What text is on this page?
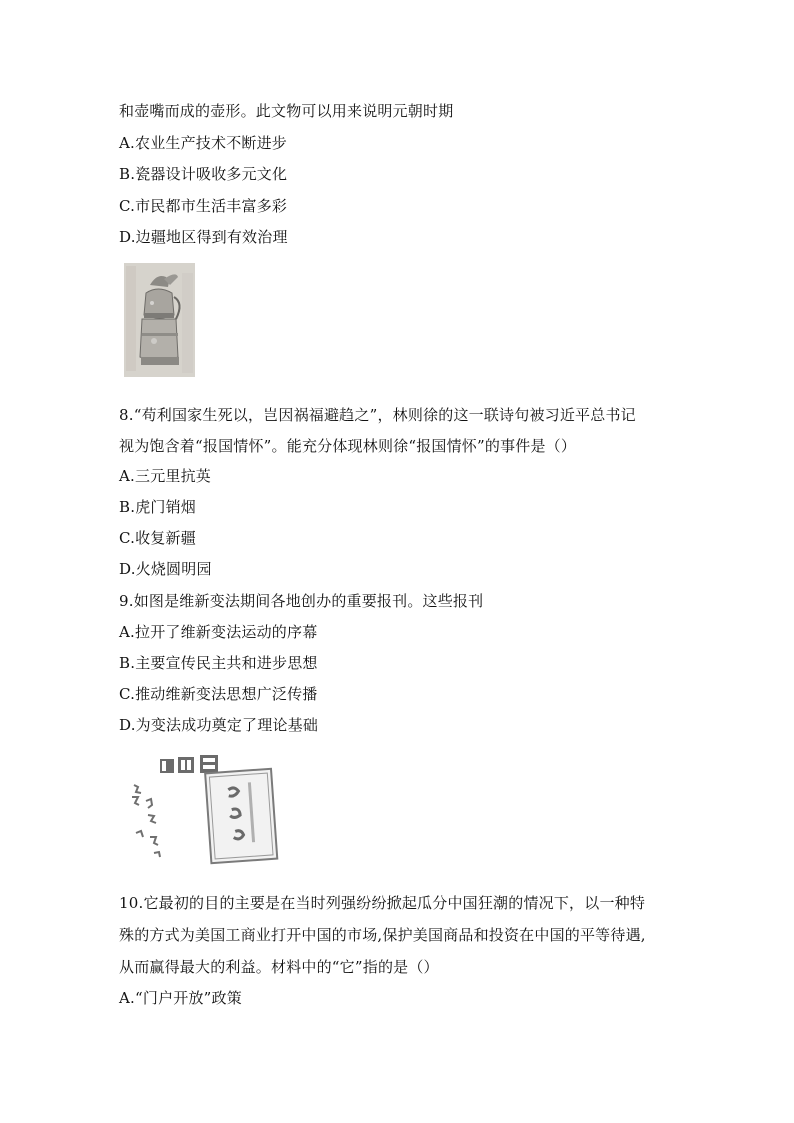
和壶嘴而成的壶形。此文物可以用来说明元朝时期
A.农业生产技术不断进步
B.瓷器设计吸收多元文化
C.市民都市生活丰富多彩
D.边疆地区得到有效治理
8.“苟利国家生死以，岂因祸福避趋之”，林则徐的这一联诗句被习近平总书记
视为饱含着“报国情怀”。能充分体现林则徐“报国情怀”的事件是（）
A.三元里抗英
B.虎门销烟
C.收复新疆
D.火烧圆明园
9.如图是维新变法期间各地创办的重要报刊。这些报刊
A.拉开了维新变法运动的序幕
B.主要宣传民主共和进步思想
C.推动维新变法思想广泛传播
D.为变法成功奠定了理论基础
10.它最初的目的主要是在当时列强纷纷掀起瓜分中国狂潮的情况下，以一种特
殊的方式为美国工商业打开中国的市场,保护美国商品和投资在中国的平等待遇,
从而赢得最大的利益。材料中的“它”指的是（）
A.“门户开放”政策
